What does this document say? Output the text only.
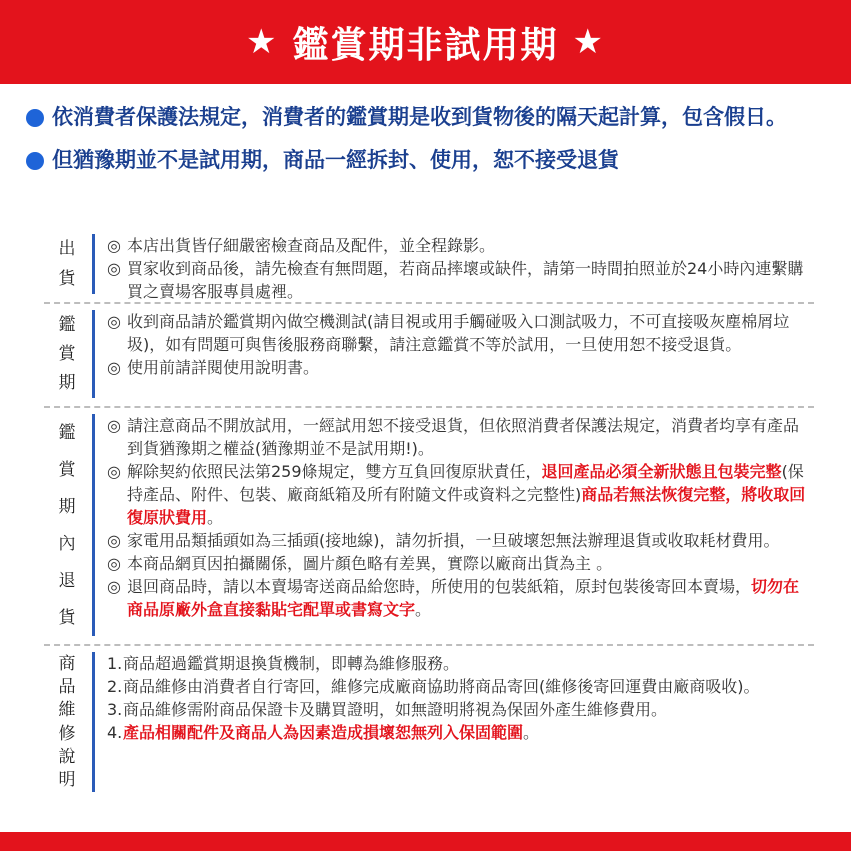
★ 鑑賞期非試用期 ★
依消費者保護法規定，消費者的鑑賞期是收到貨物後的隔天起計算，包含假日。
但猶豫期並不是試用期，商品一經拆封、使用，恕不接受退貨
出
貨
◎ 本店出貨皆仔細嚴密檢查商品及配件，並全程錄影。
◎ 買家收到商品後，請先檢查有無問題，若商品摔壞或缺件，請第一時間拍照並於24小時內連繫購買之賣場客服專員處裡。
鑑
賞
期
◎ 收到商品請於鑑賞期內做空機測試(請目視或用手觸碰吸入口測試吸力，不可直接吸灰塵棉屑垃圾)，如有問題可與售後服務商聯繫，請注意鑑賞不等於試用，一旦使用恕不接受退貨。
◎ 使用前請詳閱使用說明書。
鑑
賞
期
內
退
貨
◎ 請注意商品不開放試用，一經試用恕不接受退貨，但依照消費者保護法規定，消費者均享有產品到貨猶豫期之權益(猶豫期並不是試用期!)。
◎ 解除契約依照民法第259條規定，雙方互負回復原狀責任，退回產品必須全新狀態且包裝完整(保持產品、附件、包裝、廠商紙箱及所有附隨文件或資料之完整性)商品若無法恢復完整，將收取回復原狀費用。
◎ 家電用品類插頭如為三插頭(接地線)，請勿折損，一旦破壞恕無法辦理退貨或收取耗材費用。
◎ 本商品網頁因拍攝關係，圖片顏色略有差異，實際以廠商出貨為主 。
◎ 退回商品時，請以本賣場寄送商品給您時，所使用的包裝紙箱，原封包裝後寄回本賣場，切勿在商品原廠外盒直接黏貼宅配單或書寫文字。
商
品
維
修
說
明
1. 商品超過鑑賞期退換貨機制，即轉為維修服務。
2. 商品維修由消費者自行寄回，維修完成廠商協助將商品寄回(維修後寄回運費由廠商吸收)。
3. 商品維修需附商品保證卡及購買證明，如無證明將視為保固外產生維修費用。
4. 產品相關配件及商品人為因素造成損壞恕無列入保固範圍。
